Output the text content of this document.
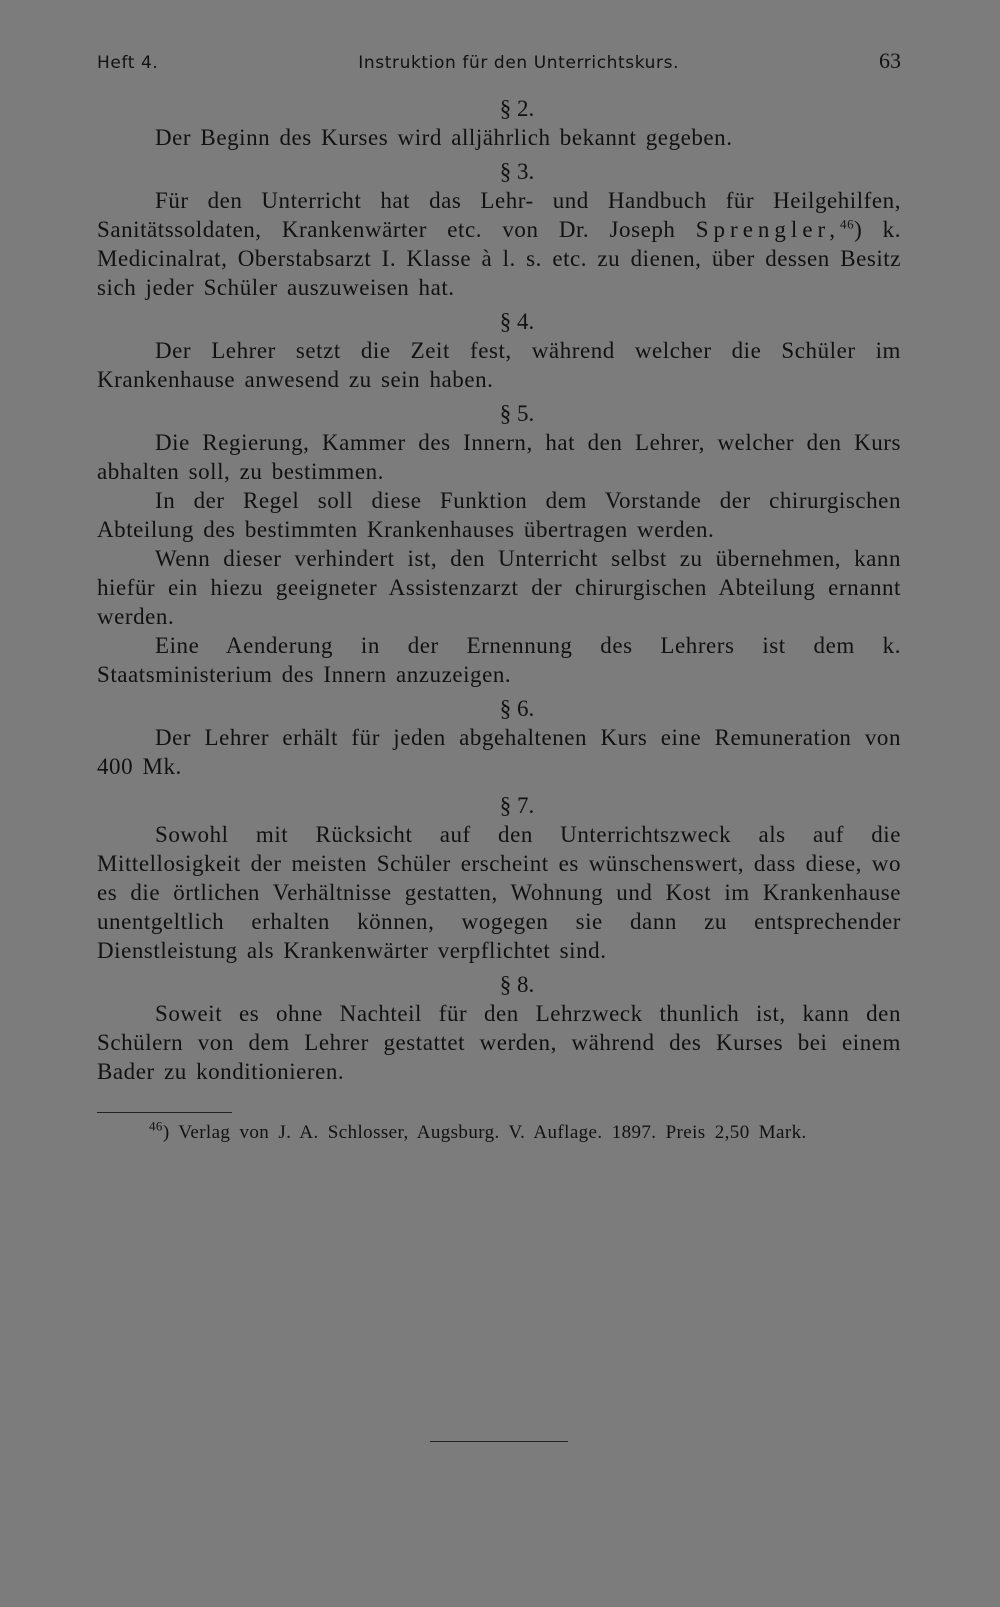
Heft 4.	Instruktion für den Unterrichtskurs.	63

§ 2.

Der Beginn des Kurses wird alljährlich bekannt gegeben.

§ 3.

Für den Unterricht hat das Lehr- und Handbuch für Heilgehilfen, Sanitätssoldaten, Krankenwärter etc. von Dr. Joseph Sprengler,$^{46}$) k. Medicinalrat, Oberstabsarzt I. Klasse à l. s. etc. zu dienen, über dessen Besitz sich jeder Schüler auszuweisen hat.

§ 4.

Der Lehrer setzt die Zeit fest, während welcher die Schüler im Krankenhause anwesend zu sein haben.

§ 5.

Die Regierung, Kammer des Innern, hat den Lehrer, welcher den Kurs abhalten soll, zu bestimmen.

In der Regel soll diese Funktion dem Vorstande der chirurgischen Abteilung des bestimmten Krankenhauses übertragen werden.

Wenn dieser verhindert ist, den Unterricht selbst zu übernehmen, kann hiefür ein hiezu geeigneter Assistenzarzt der chirurgischen Abteilung ernannt werden.

Eine Aenderung in der Ernennung des Lehrers ist dem k. Staatsministerium des Innern anzuzeigen.

§ 6.

Der Lehrer erhält für jeden abgehaltenen Kurs eine Remuneration von 400 Mk.

§ 7.

Sowohl mit Rücksicht auf den Unterrichtszweck als auf die Mittellosigkeit der meisten Schüler erscheint es wünschenswert, dass diese, wo es die örtlichen Verhältnisse gestatten, Wohnung und Kost im Krankenhause unentgeltlich erhalten können, wogegen sie dann zu entsprechender Dienstleistung als Krankenwärter verpflichtet sind.

§ 8.

Soweit es ohne Nachteil für den Lehrzweck thunlich ist, kann den Schülern von dem Lehrer gestattet werden, während des Kurses bei einem Bader zu konditionieren.

$^{46}$) Verlag von J. A. Schlosser, Augsburg. V. Auflage. 1897. Preis 2,50 Mark.
